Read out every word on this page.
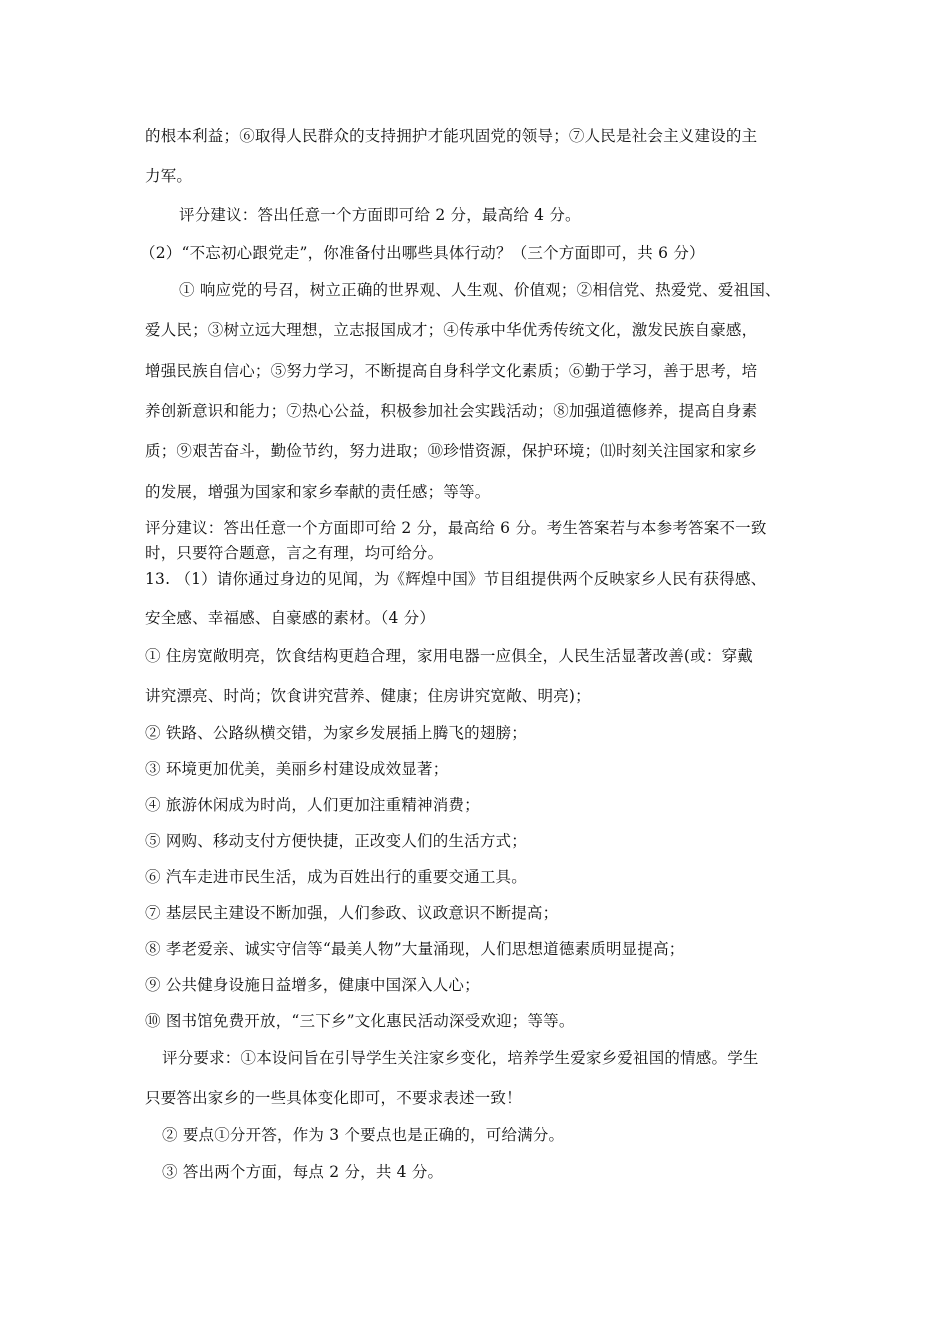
的根本利益；⑥取得人民群众的支持拥护才能巩固党的领导；⑦人民是社会主义建设的主
力军。
评分建议：答出任意一个方面即可给 2 分，最高给 4 分。
（2）“不忘初心跟党走”，你准备付出哪些具体行动？（三个方面即可，共 6 分）
① 响应党的号召，树立正确的世界观、人生观、价值观；②相信党、热爱党、爱祖国、
爱人民；③树立远大理想，立志报国成才；④传承中华优秀传统文化，激发民族自豪感，
增强民族自信心；⑤努力学习，不断提高自身科学文化素质；⑥勤于学习，善于思考，培
养创新意识和能力；⑦热心公益，积极参加社会实践活动；⑧加强道德修养，提高自身素
质；⑨艰苦奋斗，勤俭节约，努力进取；⑩珍惜资源，保护环境；⑾时刻关注国家和家乡
的发展，增强为国家和家乡奉献的责任感；等等。
评分建议：答出任意一个方面即可给 2 分，最高给 6 分。考生答案若与本参考答案不一致
时，只要符合题意，言之有理，均可给分。
13. （1）请你通过身边的见闻，为《辉煌中国》节目组提供两个反映家乡人民有获得感、
安全感、幸福感、自豪感的素材。（4 分）
① 住房宽敞明亮，饮食结构更趋合理，家用电器一应俱全，人民生活显著改善(或：穿戴
讲究漂亮、时尚；饮食讲究营养、健康；住房讲究宽敞、明亮)；
② 铁路、公路纵横交错，为家乡发展插上腾飞的翅膀；
③ 环境更加优美，美丽乡村建设成效显著；
④ 旅游休闲成为时尚，人们更加注重精神消费；
⑤ 网购、移动支付方便快捷，正改变人们的生活方式；
⑥ 汽车走进市民生活，成为百姓出行的重要交通工具。
⑦ 基层民主建设不断加强，人们参政、议政意识不断提高；
⑧ 孝老爱亲、诚实守信等“最美人物”大量涌现，人们思想道德素质明显提高；
⑨ 公共健身设施日益增多，健康中国深入人心；
⑩ 图书馆免费开放，“三下乡”文化惠民活动深受欢迎；等等。
评分要求：①本设问旨在引导学生关注家乡变化，培养学生爱家乡爱祖国的情感。学生
只要答出家乡的一些具体变化即可，不要求表述一致！
② 要点①分开答，作为 3 个要点也是正确的，可给满分。
③ 答出两个方面，每点 2 分，共 4 分。
